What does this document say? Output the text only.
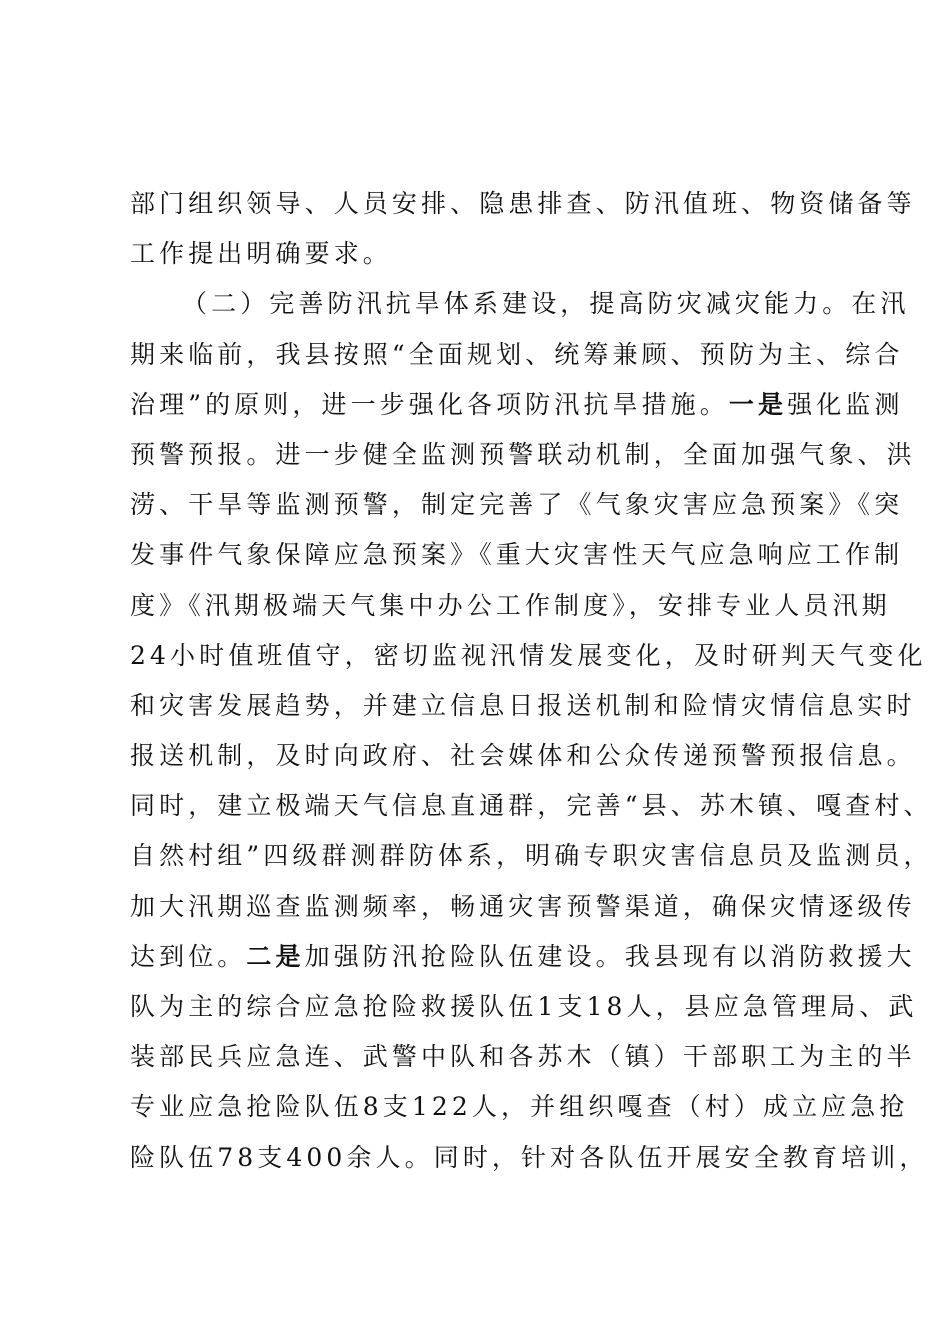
部门组织领导、人员安排、隐患排查、防汛值班、物资储备等
工作提出明确要求。
（二）完善防汛抗旱体系建设，提高防灾减灾能力。在汛
期来临前，我县按照“全面规划、统筹兼顾、预防为主、综合
治理”的原则，进一步强化各项防汛抗旱措施。一是强化监测
预警预报。进一步健全监测预警联动机制，全面加强气象、洪
涝、干旱等监测预警，制定完善了《气象灾害应急预案》《突
发事件气象保障应急预案》《重大灾害性天气应急响应工作制
度》《汛期极端天气集中办公工作制度》，安排专业人员汛期
24小时值班值守，密切监视汛情发展变化，及时研判天气变化
和灾害发展趋势，并建立信息日报送机制和险情灾情信息实时
报送机制，及时向政府、社会媒体和公众传递预警预报信息。
同时，建立极端天气信息直通群，完善“县、苏木镇、嘎查村、
自然村组”四级群测群防体系，明确专职灾害信息员及监测员，
加大汛期巡查监测频率，畅通灾害预警渠道，确保灾情逐级传
达到位。二是加强防汛抢险队伍建设。我县现有以消防救援大
队为主的综合应急抢险救援队伍1支18人，县应急管理局、武
装部民兵应急连、武警中队和各苏木（镇）干部职工为主的半
专业应急抢险队伍8支122人，并组织嘎查（村）成立应急抢
险队伍78支400余人。同时，针对各队伍开展安全教育培训，
